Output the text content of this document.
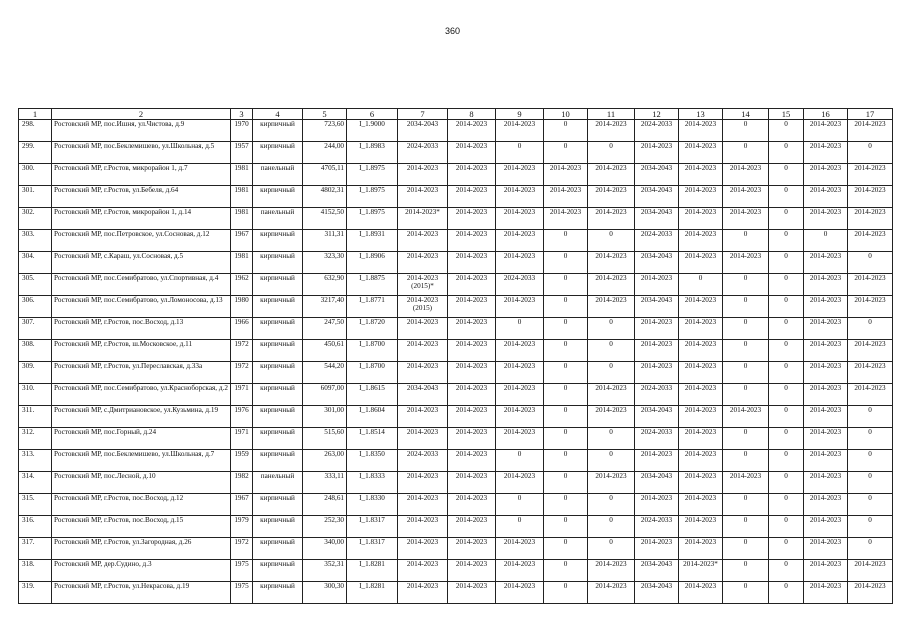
360
1	2	3	4	5	6	7	8	9	10	11	12	13	14	15	16	17
298.	Ростовский МР, пос.Ишня, ул.Чистова, д.9	1970	кирпичный	723,60	I_1.9000	2034-2043	2014-2023	2014-2023	0	2014-2023	2024-2033	2014-2023	0	0	2014-2023	2014-2023
299.	Ростовский МР, пос.Беклемишево, ул.Школьная, д.5	1957	кирпичный	244,00	I_1.8983	2024-2033	2014-2023	0	0	0	2014-2023	2014-2023	0	0	2014-2023	0
300.	Ростовский МР, г.Ростов, микрорайон 1, д.7	1981	панельный	4705,11	I_1.8975	2014-2023	2014-2023	2014-2023	2014-2023	2014-2023	2034-2043	2014-2023	2014-2023	0	2014-2023	2014-2023
301.	Ростовский МР, г.Ростов, ул.Бебеля, д.64	1981	кирпичный	4802,31	I_1.8975	2014-2023	2014-2023	2014-2023	2014-2023	2014-2023	2034-2043	2014-2023	2014-2023	0	2014-2023	2014-2023
302.	Ростовский МР, г.Ростов, микрорайон 1, д.14	1981	панельный	4152,50	I_1.8975	2014-2023*	2014-2023	2014-2023	2014-2023	2014-2023	2034-2043	2014-2023	2014-2023	0	2014-2023	2014-2023
303.	Ростовский МР, пос.Петровское, ул.Сосновая, д.12	1967	кирпичный	311,31	I_1.8931	2014-2023	2014-2023	2014-2023	0	0	2024-2033	2014-2023	0	0	0	2014-2023
304.	Ростовский МР, с.Караш, ул.Сосновая, д.5	1981	кирпичный	323,30	I_1.8906	2014-2023	2014-2023	2014-2023	0	2014-2023	2034-2043	2014-2023	2014-2023	0	2014-2023	0
305.	Ростовский МР, пос.Семибратово, ул.Спортивная, д.4	1962	кирпичный	632,90	I_1.8875	2014-2023 (2015)*	2014-2023	2024-2033	0	2014-2023	2014-2023	0	0	0	2014-2023	2014-2023
306.	Ростовский МР, пос.Семибратово, ул.Ломоносова, д.13	1980	кирпичный	3217,40	I_1.8771	2014-2023 (2015)	2014-2023	2014-2023	0	2014-2023	2034-2043	2014-2023	0	0	2014-2023	2014-2023
307.	Ростовский МР, г.Ростов, пос.Восход, д.13	1966	кирпичный	247,50	I_1.8720	2014-2023	2014-2023	0	0	0	2014-2023	2014-2023	0	0	2014-2023	0
308.	Ростовский МР, г.Ростов, ш.Московское, д.11	1972	кирпичный	450,61	I_1.8700	2014-2023	2014-2023	2014-2023	0	0	2014-2023	2014-2023	0	0	2014-2023	2014-2023
309.	Ростовский МР, г.Ростов, ул.Переславская, д.33а	1972	кирпичный	544,20	I_1.8700	2014-2023	2014-2023	2014-2023	0	0	2014-2023	2014-2023	0	0	2014-2023	2014-2023
310.	Ростовский МР, пос.Семибратово, ул.Красноборская, д.2	1971	кирпичный	6097,00	I_1.8615	2034-2043	2014-2023	2014-2023	0	2014-2023	2024-2033	2014-2023	0	0	2014-2023	2014-2023
311.	Ростовский МР, с.Дмитриановское, ул.Кузьмина, д.19	1976	кирпичный	301,00	I_1.8604	2014-2023	2014-2023	2014-2023	0	2014-2023	2034-2043	2014-2023	2014-2023	0	2014-2023	0
312.	Ростовский МР, пос.Горный, д.24	1971	кирпичный	515,60	I_1.8514	2014-2023	2014-2023	2014-2023	0	0	2024-2033	2014-2023	0	0	2014-2023	0
313.	Ростовский МР, пос.Беклемишево, ул.Школьная, д.7	1959	кирпичный	263,00	I_1.8350	2024-2033	2014-2023	0	0	0	2014-2023	2014-2023	0	0	2014-2023	0
314.	Ростовский МР, пос.Лесной, д.10	1982	панельный	333,11	I_1.8333	2014-2023	2014-2023	2014-2023	0	2014-2023	2034-2043	2014-2023	2014-2023	0	2014-2023	0
315.	Ростовский МР, г.Ростов, пос.Восход, д.12	1967	кирпичный	248,61	I_1.8330	2014-2023	2014-2023	0	0	0	2014-2023	2014-2023	0	0	2014-2023	0
316.	Ростовский МР, г.Ростов, пос.Восход, д.15	1979	кирпичный	252,30	I_1.8317	2014-2023	2014-2023	0	0	0	2024-2033	2014-2023	0	0	2014-2023	0
317.	Ростовский МР, г.Ростов, ул.Загородная, д.26	1972	кирпичный	340,00	I_1.8317	2014-2023	2014-2023	2014-2023	0	0	2014-2023	2014-2023	0	0	2014-2023	0
318.	Ростовский МР, дер.Судино, д.3	1975	кирпичный	352,31	I_1.8281	2014-2023	2014-2023	2014-2023	0	2014-2023	2034-2043	2014-2023*	0	0	2014-2023	2014-2023
319.	Ростовский МР, г.Ростов, ул.Некрасова, д.19	1975	кирпичный	300,30	I_1.8281	2014-2023	2014-2023	2014-2023	0	2014-2023	2034-2043	2014-2023	0	0	2014-2023	2014-2023
